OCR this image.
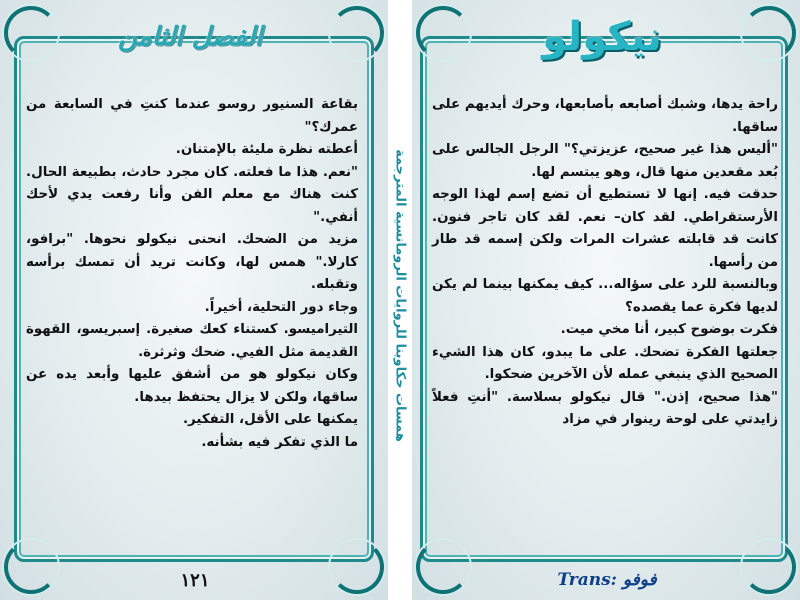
الفصل الثامن

بقاعة السنيور روسو عندما كنتِ في السابعة من عمرك؟"

أعطته نظرة مليئة بالإمتنان.

"نعم. هذا ما فعلته. كان مجرد حادث، بطبيعة الحال. كنت هناك مع معلم الفن وأنا رفعت يدي لأحك أنفي."

مزيد من الضحك. انحنى نيكولو نحوها. "برافو، كارلا." همس لها، وكانت تريد أن تمسك برأسه وتقبله.

وجاء دور التحلية، أخيراً.

التيراميسو. كستناء كعك صغيرة. إسبريسو، القهوة القديمة مثل الفيي. ضحك وثرثرة.

وكان نيكولو هو من أشفق عليها وأبعد يده عن ساقها، ولكن لا يزال يحتفظ بيدها.

يمكنها على الأقل، التفكير.

ما الذي تفكر فيه بشأنه.

١٢١
همسات حكاوينا للروايات الرومانسية المترجمة
نيكولو

راحة يدها، وشبك أصابعه بأصابعها، وحرك أيديهم على ساقها.

"أليس هذا غير صحيح، عزيزتي؟" الرجل الجالس على بُعد مقعدين منها قال، وهو يبتسم لها.

حدقت فيه. إنها لا تستطيع أن تضع إسم لهذا الوجه الأرستقراطي. لقد كان– نعم. لقد كان تاجر فنون. كانت قد قابلته عشرات المرات ولكن إسمه قد طار من رأسها.

وبالنسبة للرد على سؤاله... كيف يمكنها بينما لم يكن لديها فكرة عما يقصده؟

فكرت بوضوح كبير، أنا مخي ميت.

جعلتها الفكرة تضحك. على ما يبدو، كان هذا الشيء الصحيح الذي ينبغي عمله لأن الآخرين ضحكوا.

"هذا صحيح، إذن." قال نيكولو بسلاسة. "أنتِ فعلاً زايدتي على لوحة رينوار في مزاد

Trans: فوفو
